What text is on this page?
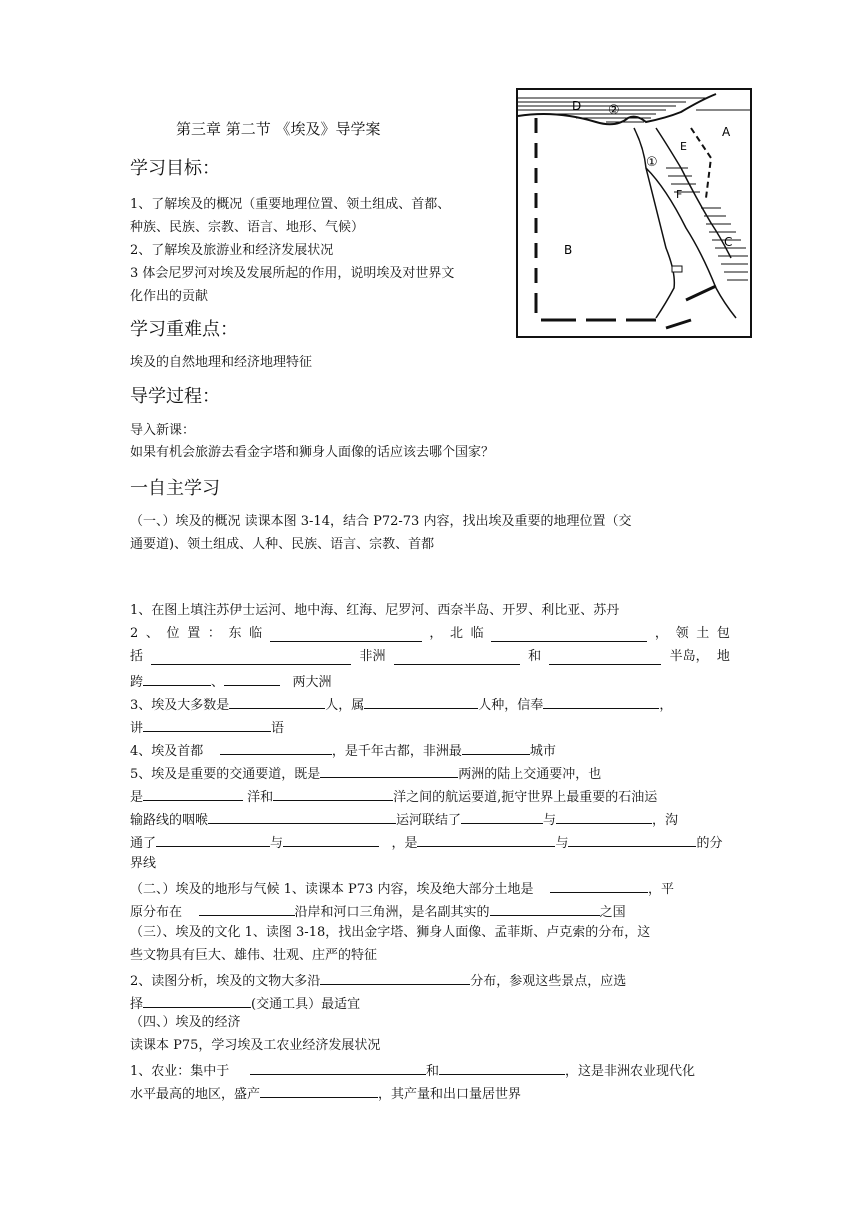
第三章 第二节 《埃及》导学案
D ②
A
E
①
F
B
C
学习目标：
1、了解埃及的概况（重要地理位置、领土组成、首都、
种族、民族、宗教、语言、地形、气候）
2、了解埃及旅游业和经济发展状况
3 体会尼罗河对埃及发展所起的作用，说明埃及对世界文
化作出的贡献
学习重难点：
埃及的自然地理和经济地理特征
导学过程：
导入新课：
如果有机会旅游去看金字塔和狮身人面像的话应该去哪个国家？
一自主学习
（一、）埃及的概况 读课本图 3-14，结合 P72-73 内容，找出埃及重要的地理位置（交
通要道)、领土组成、人种、民族、语言、宗教、首都
1、在图上填注苏伊士运河、地中海、红海、尼罗河、西奈半岛、开罗、利比亚、苏丹
2 、 位 置 ： 东 临	， 北 临	， 领 土 包
括	非洲	和	半岛， 地
跨	、	两大洲
3、埃及大多数是	人，属	人种，信奉	，
讲	语
4、埃及首都	，是千年古都，非洲最	城市
5、埃及是重要的交通要道，既是	两洲的陆上交通要冲，也
是	洋和	洋之间的航运要道,扼守世界上最重要的石油运
输路线的咽喉	运河联结了	与	，沟
通了	与	，是	与	的分
界线
（二、）埃及的地形与气候 1、读课本 P73 内容，埃及绝大部分土地是	，平
原分布在	沿岸和河口三角洲，是名副其实的	之国
（三）、埃及的文化 1、读图 3-18，找出金字塔、狮身人面像、孟菲斯、卢克索的分布，这
些文物具有巨大、雄伟、壮观、庄严的特征
2、读图分析，埃及的文物大多沿	分布，参观这些景点，应选
择	(交通工具）最适宜
（四、）埃及的经济
读课本 P75，学习埃及工农业经济发展状况
1、农业：集中于	和	，这是非洲农业现代化
水平最高的地区，盛产	，其产量和出口量居世界
